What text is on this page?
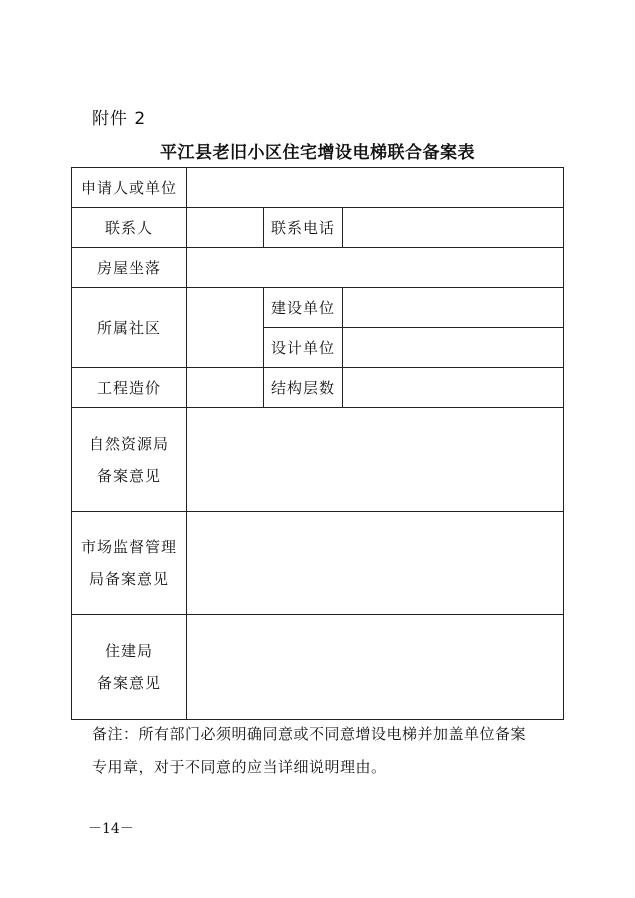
附件 2
平江县老旧小区住宅增设电梯联合备案表
申请人或单位			
联系人		联系电话	
房屋坐落			
所属社区		建设单位	
		设计单位	
工程造价		结构层数	

自然资源局
备案意见			

市场监督管理
局备案意见			

住建局
备案意见			

备注：所有部门必须明确同意或不同意增设电梯并加盖单位备案

专用章，对于不同意的应当详细说明理由。

－14－
